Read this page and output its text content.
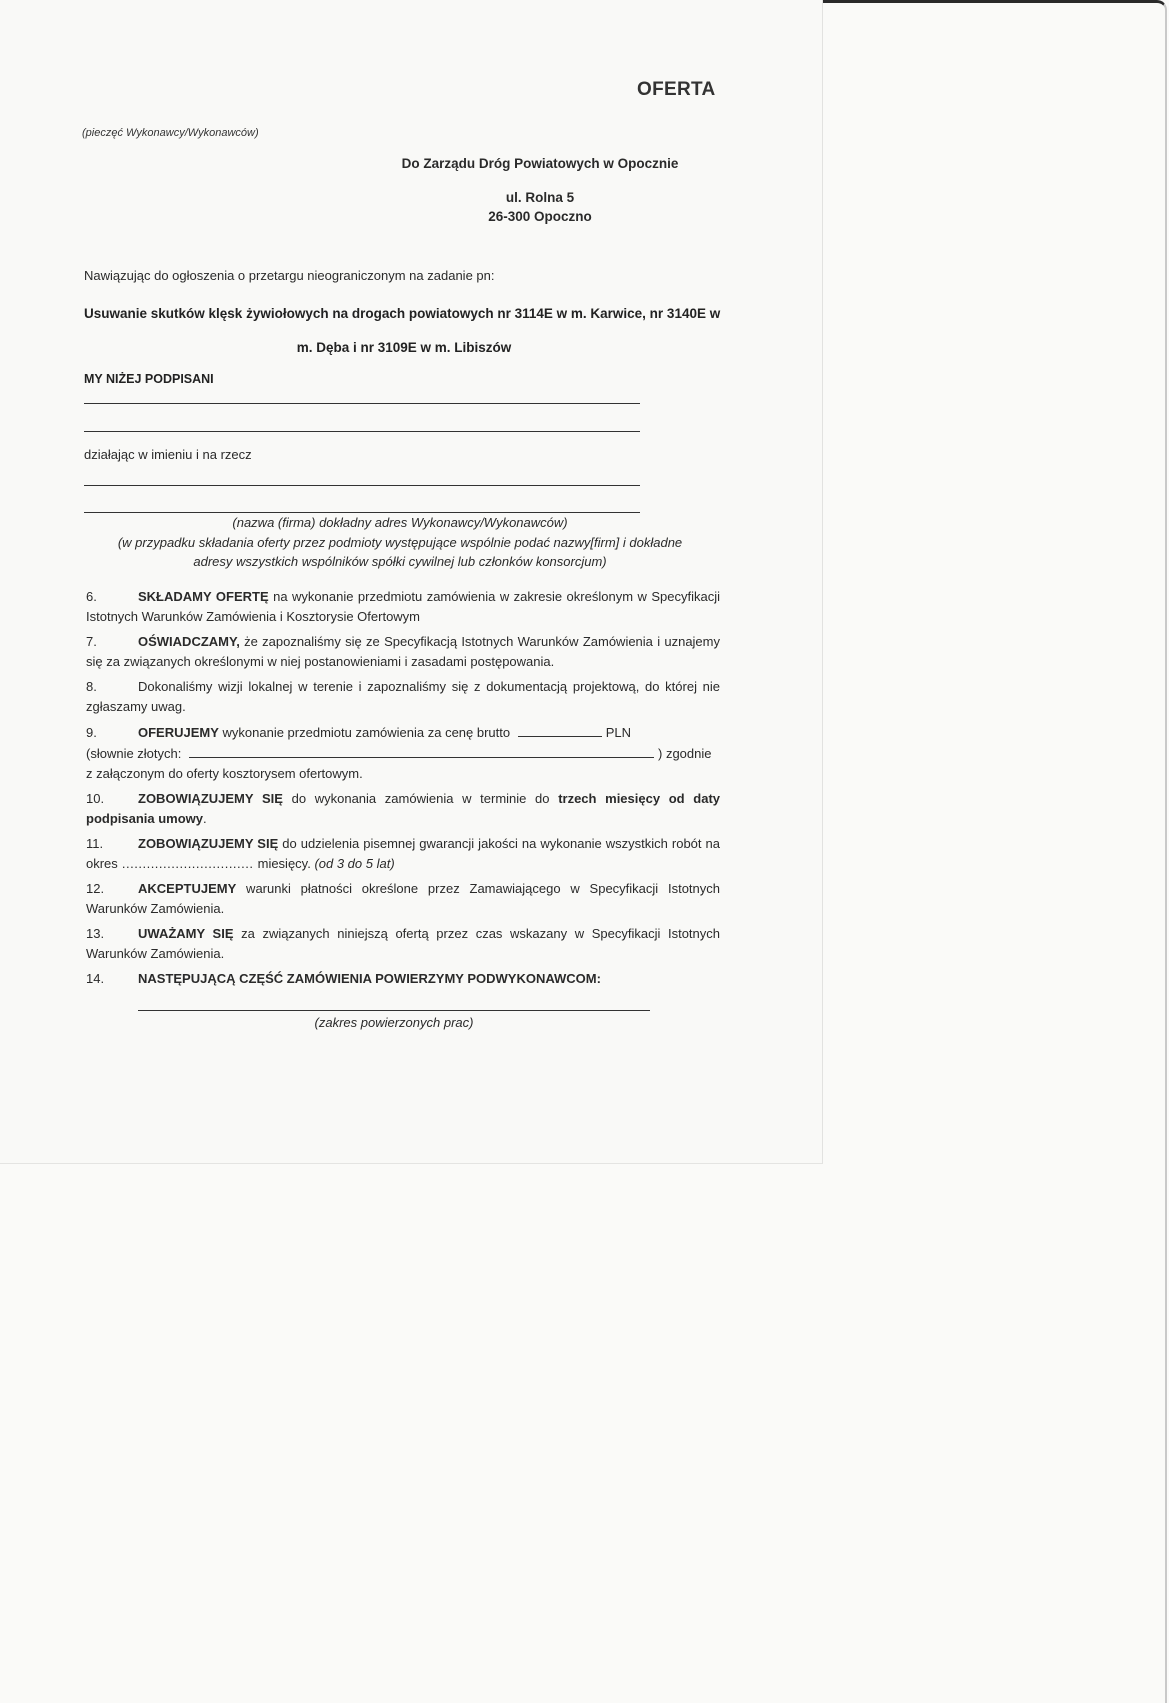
OFERTA
(pieczęć Wykonawcy/Wykonawców)
Do Zarządu Dróg Powiatowych w Opocznie
ul. Rolna 5
26-300 Opoczno
Nawiązując do ogłoszenia o przetargu nieograniczonym na zadanie pn:
Usuwanie skutków klęsk żywiołowych na drogach powiatowych nr 3114E w m. Karwice, nr 3140E w
m. Dęba i nr 3109E w m. Libiszów
MY NIŻEJ PODPISANI
działając w imieniu i na rzecz
(nazwa (firma) dokładny adres Wykonawcy/Wykonawców)
(w przypadku składania oferty przez podmioty występujące wspólnie podać nazwy[firm] i dokładne
adresy wszystkich wspólników spółki cywilnej lub członków konsorcjum)
6.	SKŁADAMY OFERTĘ na wykonanie przedmiotu zamówienia w zakresie określonym w Specyfikacji Istotnych Warunków Zamówienia i Kosztorysie Ofertowym
7.	OŚWIADCZAMY, że zapoznaliśmy się ze Specyfikacją Istotnych Warunków Zamówienia i uznajemy się za związanych określonymi w niej postanowieniami i zasadami postępowania.
8.	Dokonaliśmy wizji lokalnej w terenie i zapoznaliśmy się z dokumentacją projektową, do której nie zgłaszamy uwag.
9.	OFERUJEMY wykonanie przedmiotu zamówienia za cenę brutto	PLN
(słownie złotych:	) zgodnie z załączonym do oferty kosztorysem ofertowym.
10.	ZOBOWIĄZUJEMY SIĘ do wykonania zamówienia w terminie do trzech miesięcy od daty podpisania umowy.
11.	ZOBOWIĄZUJEMY SIĘ do udzielenia pisemnej gwarancji jakości na wykonanie wszystkich robót na okres ................................ miesięcy. (od 3 do 5 lat)
12.	AKCEPTUJEMY warunki płatności określone przez Zamawiającego w Specyfikacji Istotnych Warunków Zamówienia.
13.	UWAŻAMY SIĘ za związanych niniejszą ofertą przez czas wskazany w Specyfikacji Istotnych Warunków Zamówienia.
14.	NASTĘPUJĄCĄ CZĘŚĆ ZAMÓWIENIA POWIERZYMY PODWYKONAWCOM:
(zakres powierzonych prac)
